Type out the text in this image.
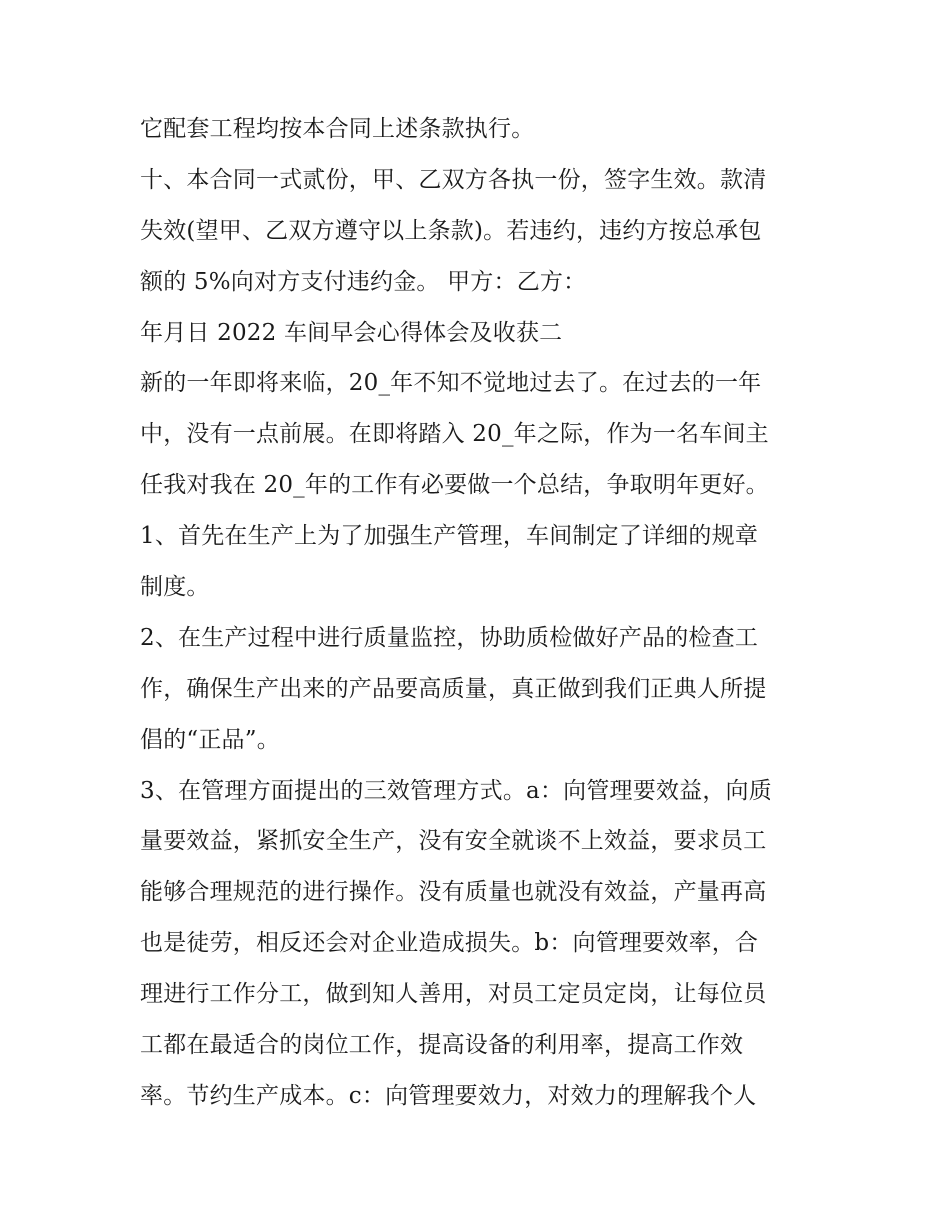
它配套工程均按本合同上述条款执行。
十、本合同一式贰份，甲、乙双方各执一份，签字生效。款清
失效(望甲、乙双方遵守以上条款)。若违约，违约方按总承包
额的 5%向对方支付违约金。 甲方：乙方：
年月日 2022 车间早会心得体会及收获二
新的一年即将来临，20_年不知不觉地过去了。在过去的一年
中，没有一点前展。在即将踏入 20_年之际，作为一名车间主
任我对我在 20_年的工作有必要做一个总结，争取明年更好。
1、首先在生产上为了加强生产管理，车间制定了详细的规章
制度。
2、在生产过程中进行质量监控，协助质检做好产品的检查工
作，确保生产出来的产品要高质量，真正做到我们正典人所提
倡的“正品”。
3、在管理方面提出的三效管理方式。a：向管理要效益，向质
量要效益，紧抓安全生产，没有安全就谈不上效益，要求员工
能够合理规范的进行操作。没有质量也就没有效益，产量再高
也是徒劳，相反还会对企业造成损失。b：向管理要效率，合
理进行工作分工，做到知人善用，对员工定员定岗，让每位员
工都在最适合的岗位工作，提高设备的利用率，提高工作效
率。节约生产成本。c：向管理要效力，对效力的理解我个人
